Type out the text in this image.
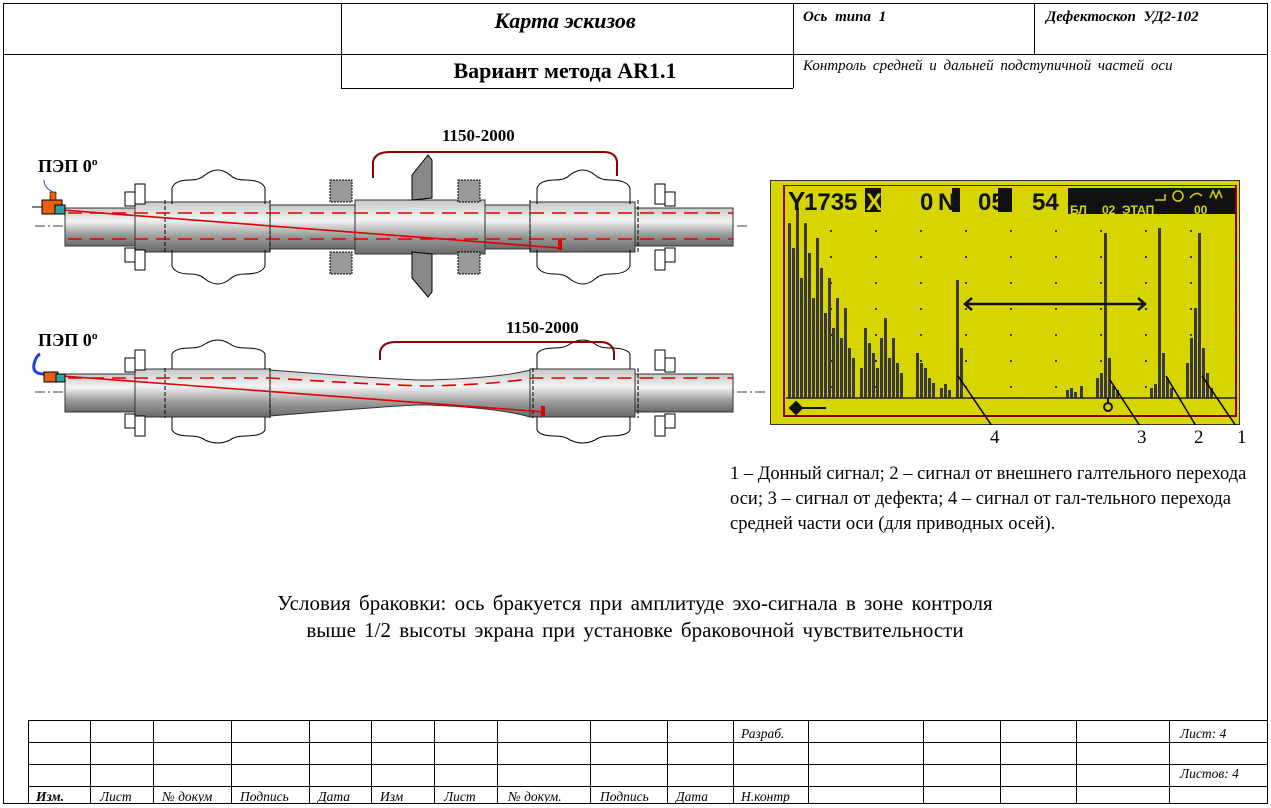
Карта эскизов
Вариант метода AR1.1
Ось типа 1	Дефектоскоп УД2-102
Контроль средней и дальней подступичной частей оси
ПЭП 0º
1150-2000
ПЭП 0º
1150-2000
Y
1735 X 0 N 05 54 БЛ 02 ЭТАП	00
4	3	2 1
1 – Донный сигнал; 2 – сигнал от внешнего галтельного перехода оси; 3 – сигнал от дефекта; 4 – сигнал от гал-тельного перехода средней части оси (для приводных осей).
Условия браковки: ось бракуется при амплитуде эхо-сигнала в зоне контроля
выше 1/2 высоты экрана при установке браковочной чувствительности
Разраб.	Лист: 4
Листов: 4
Изм.	Лист № докум Подпись Дата Изм	Лист № докум.	Подпись Дата Н.контр
